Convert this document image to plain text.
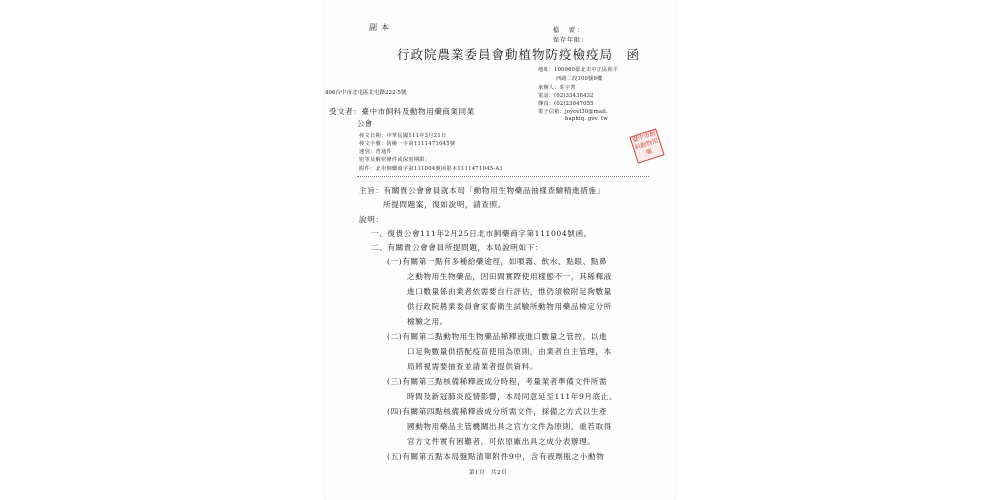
副本	檔　號：
保存年限：
行政院農業委員會動植物防疫檢疫局　函
地址：100060臺北市中正區和平
西路二段100號9樓
承辦人：莊宇菁
電話：(02)33436432
傳真：(02)23047055
電子信箱：joycel30@mail.
baphiq. gov. tw
406台中市北屯區北屯路222-5號
受文者：臺中市飼料及動物用藥商業同業
公會
發文日期：中華民國111年3月21日
發文字號：防檢一字第1111471045號
速別：普通件
密等及解密條件或保密期限：
附件：北市飼藥商字第111004號函影本1111471045-A1
臺中市飼料動物用藥
主旨：有關貴公會會員就本局「動物用生物藥品抽樣查驗精進措施」
所提問題案，復如說明，請查照。
說明：
一、復貴公會111年2月25日北市飼藥商字第111004號函。
二、有關貴公會會員所提問題，本局說明如下：
(一)有關第一點有多種給藥途徑，如噴霧、飲水、點眼、點鼻
之動物用生物藥品，因田間實際使用樣態不一，其稀釋液
進口數量係由業者依需要自行評估，惟仍須檢附足夠數量
供行政院農業委員會家畜衛生試驗所動物用藥品檢定分所
檢驗之用。
(二)有關第二點動物用生物藥品稀釋液進口數量之管控，以進
口足夠數量供搭配疫苗使用為原則，由業者自主管理，本
局將視需要抽查並請業者提供資料。
(三)有關第三點核備稀釋液成分時程，考量業者準備文件所需
時間及新冠肺炎疫情影響，本局同意延至111年9月底止。
(四)有關第四點核備稀釋液成分所需文件，採備之方式以生產
國動物用藥品主管機關出具之官方文件為原則，重若取得
官方文件實有困難者，可依原廠出具之成分表辦理。
(五)有關第五點本局盤點清單附件9中，含有液劑瓶之小動物
第1頁　共2頁
